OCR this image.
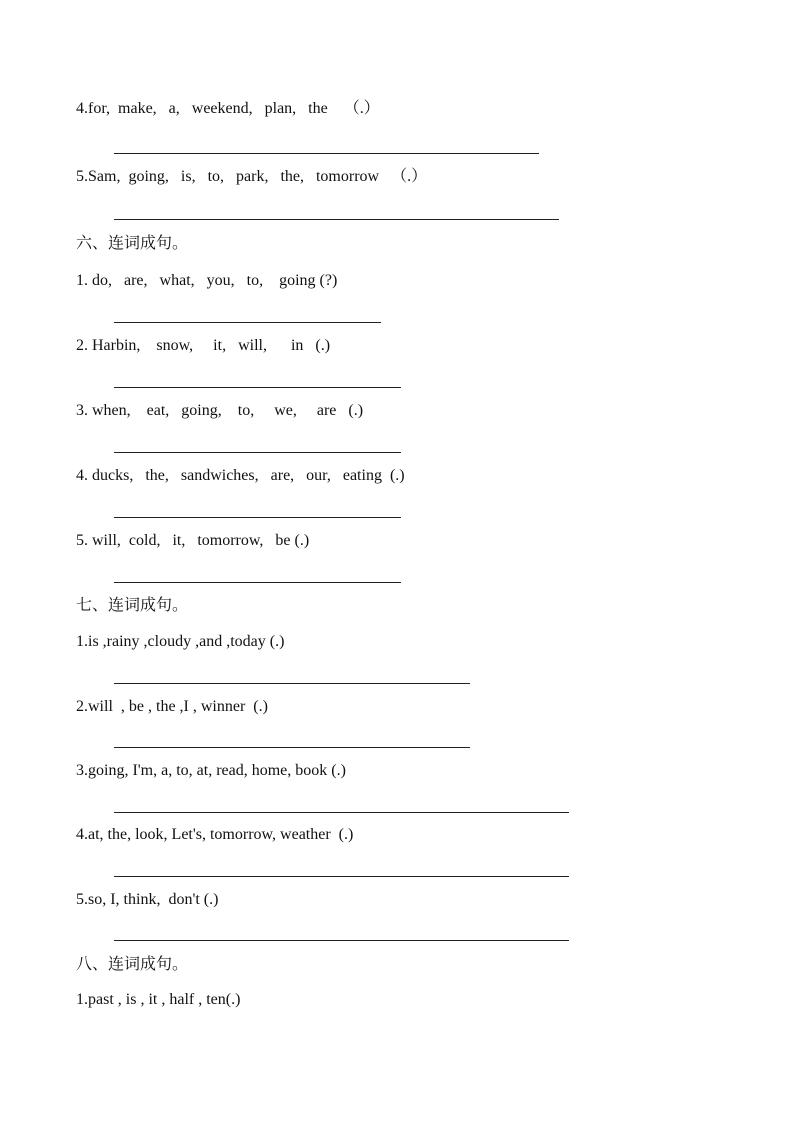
4.for,  make,   a,   weekend,   plan,   the    （.）
5.Sam,  going,   is,   to,   park,   the,   tomorrow   （.）
六、连词成句。
1. do,   are,   what,   you,   to,    going (?)
2. Harbin,    snow,     it,   will,      in   (.)
3. when,    eat,   going,    to,     we,     are   (.)
4. ducks,   the,   sandwiches,   are,   our,   eating  (.)
5. will,  cold,   it,   tomorrow,   be (.)
七、连词成句。
1.is ,rainy ,cloudy ,and ,today (.)
2.will  , be , the ,I , winner  (.)
3.going, I'm, a, to, at, read, home, book (.)
4.at, the, look, Let's, tomorrow, weather  (.)
5.so, I, think,  don't (.)
八、连词成句。
1.past , is , it , half , ten(.)
